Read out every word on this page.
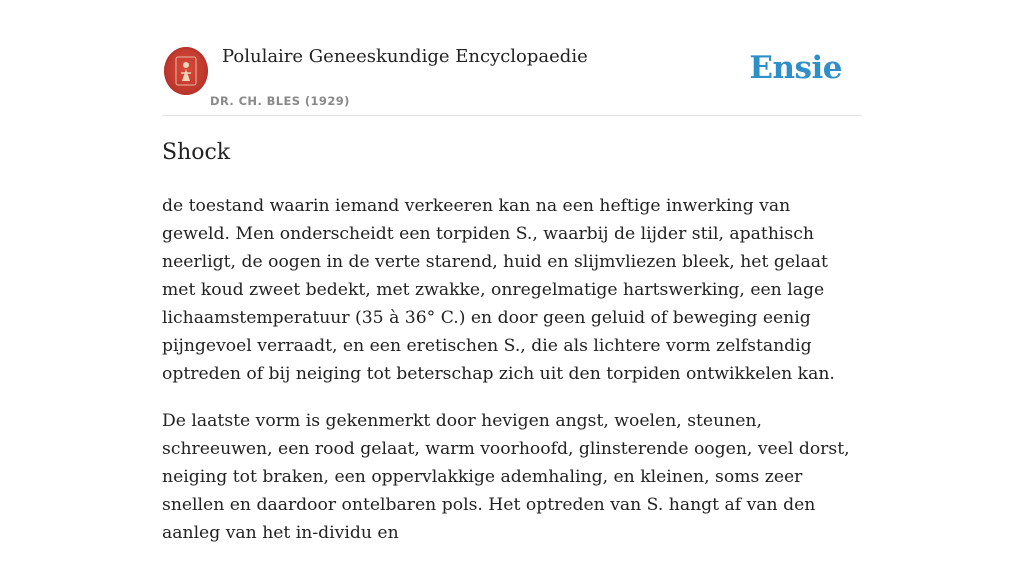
Polulaire Geneeskundige Encyclopaedie
DR. CH. BLES (1929)
Ensie
Shock

de toestand waarin iemand verkeeren kan na een heftige inwerking van geweld. Men onderscheidt een torpiden S., waarbij de lijder stil, apathisch neerligt, de oogen in de verte starend, huid en slijmvliezen bleek, het gelaat met koud zweet bedekt, met zwakke, onregelmatige hartswerking, een lage lichaamstemperatuur (35 à 36° C.) en door geen geluid of beweging eenig pijngevoel verraadt, en een eretischen S., die als lichtere vorm zelfstandig optreden of bij neiging tot beterschap zich uit den torpiden ontwikkelen kan.

De laatste vorm is gekenmerkt door hevigen angst, woelen, steunen, schreeuwen, een rood gelaat, warm voorhoofd, glinsterende oogen, veel dorst, neiging tot braken, een oppervlakkige ademhaling, en kleinen, soms zeer snellen en daardoor ontelbaren pols. Het optreden van S. hangt af van den aanleg van het in-dividu en
